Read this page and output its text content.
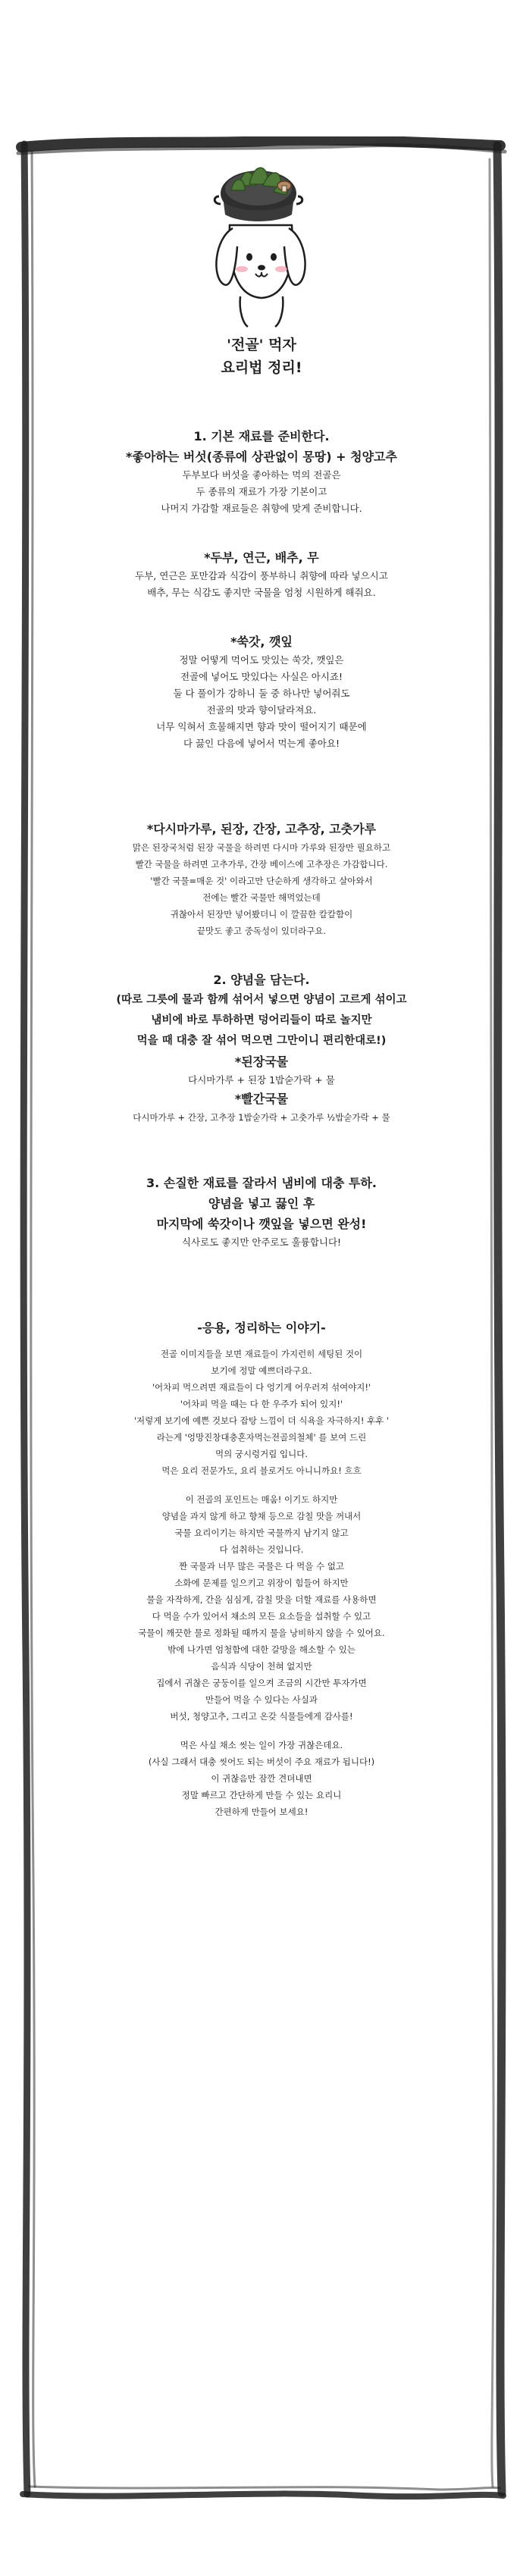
'전골' 먹자
요리법 정리!
1. 기본 재료를 준비한다.
*좋아하는 버섯(종류에 상관없이 몽땅) + 청양고추
두부보다 버섯을 좋아하는 먹의 전골은
두 종류의 재료가 가장 기본이고
나머지 가감할 재료들은 취향에 맞게 준비합니다.
*두부, 연근, 배추, 무
두부, 연근은 포만감과 식감이 풍부하니 취향에 따라 넣으시고
배추, 무는 식감도 좋지만 국물을 엄청 시원하게 해줘요.
*쑥갓, 깻잎
정말 어떻게 먹어도 맛있는 쑥갓, 깻잎은
전골에 넣어도 맛있다는 사실은 아시죠!
둘 다 풀이가 강하니 둘 중 하나만 넣어줘도
전골의 맛과 향이달라져요.
너무 익혀서 흐물해지면 향과 맛이 떨어지기 때문에
다 끓인 다음에 넣어서 먹는게 좋아요!
*다시마가루, 된장, 간장, 고추장, 고춧가루
맑은 된장국처럼 된장 국물을 하려면 다시마 가루와 된장만 필요하고
빨간 국물을 하려면 고추가루, 간장 베이스에 고추장은 가감합니다.
'빨간 국물=매운 것' 이라고만 단순하게 생각하고 살아와서
전에는 빨간 국물만 해먹었는데
귀찮아서 된장만 넣어봤더니 이 깔끔한 칼칼함이
끝맛도 좋고 중독성이 있더라구요.
2. 양념을 담는다.
(따로 그릇에 물과 함께 섞어서 넣으면 양념이 고르게 섞이고
냄비에 바로 투하하면 덩어리들이 따로 놀지만
먹을 때 대충 잘 섞어 먹으면 그만이니 편리한대로!)
*된장국물
다시마가루 + 된장 1밥숟가락 + 물
*빨간국물
다시마가루 + 간장, 고추장 1밥숟가락 + 고춧가루 ½밥숟가락 + 물
3. 손질한 재료를 잘라서 냄비에 대충 투하.
양념을 넣고 끓인 후
마지막에 쑥갓이나 깻잎을 넣으면 완성!
식사로도 좋지만 안주로도 훌륭합니다!
-응용, 정리하는 이야기-
전골 이미지들을 보면 재료들이 가지런히 세팅된 것이
보기에 정말 예쁘더라구요.
'어차피 먹으려면 재료들이 다 엉기게 어우러져 섞여야지!'
'어차피 먹을 때는 다 한 우주가 되어 있지!'
'저렇게 보기에 예쁜 것보다 잡탕 느낌이 더 식욕을 자극하지! 후후 '
라는게 '엉망진창대충혼자먹는전골의철체' 를 보여 드린
먹의 궁시렁거림 입니다.
먹은 요리 전문가도, 요리 블로거도 아니니까요! 흐흐
이 전골의 포인트는 매움! 이기도 하지만
양념을 과지 않게 하고 향채 등으로 감칠 맛을 꺼내서
국물 요리이기는 하지만 국물까지 남기지 않고
다 섭취하는 것입니다.
짠 국물과 너무 많은 국물은 다 먹을 수 없고
소화에 문제를 일으키고 위장이 힘들어 하지만
물을 자작하게, 간을 심심게, 감칠 맛을 더할 재료를 사용하면
다 먹을 수가 있어서 채소의 모든 요소들을 섭취할 수 있고
국물이 깨끗한 물로 정화될 때까지 물을 낭비하지 않을 수 있어요.
밖에 나가면 엄청함에 대한 갈망을 해소할 수 있는
음식과 식당이 천혀 없지만
집에서 귀찮은 궁둥이를 일으켜 조금의 시간만 투자가면
만들어 먹을 수 있다는 사실과
버섯, 청양고추, 그리고 온갖 식물들에게 감사를!
먹은 사실 채소 씻는 일이 가장 귀찮은데요.
(사실 그래서 대충 씻어도 되는 버섯이 주요 재료가 됩니다!)
이 귀찮음만 잠깐 견뎌내면
정말 빠르고 간단하게 만들 수 있는 요리니
간편하게 만들어 보세요!
